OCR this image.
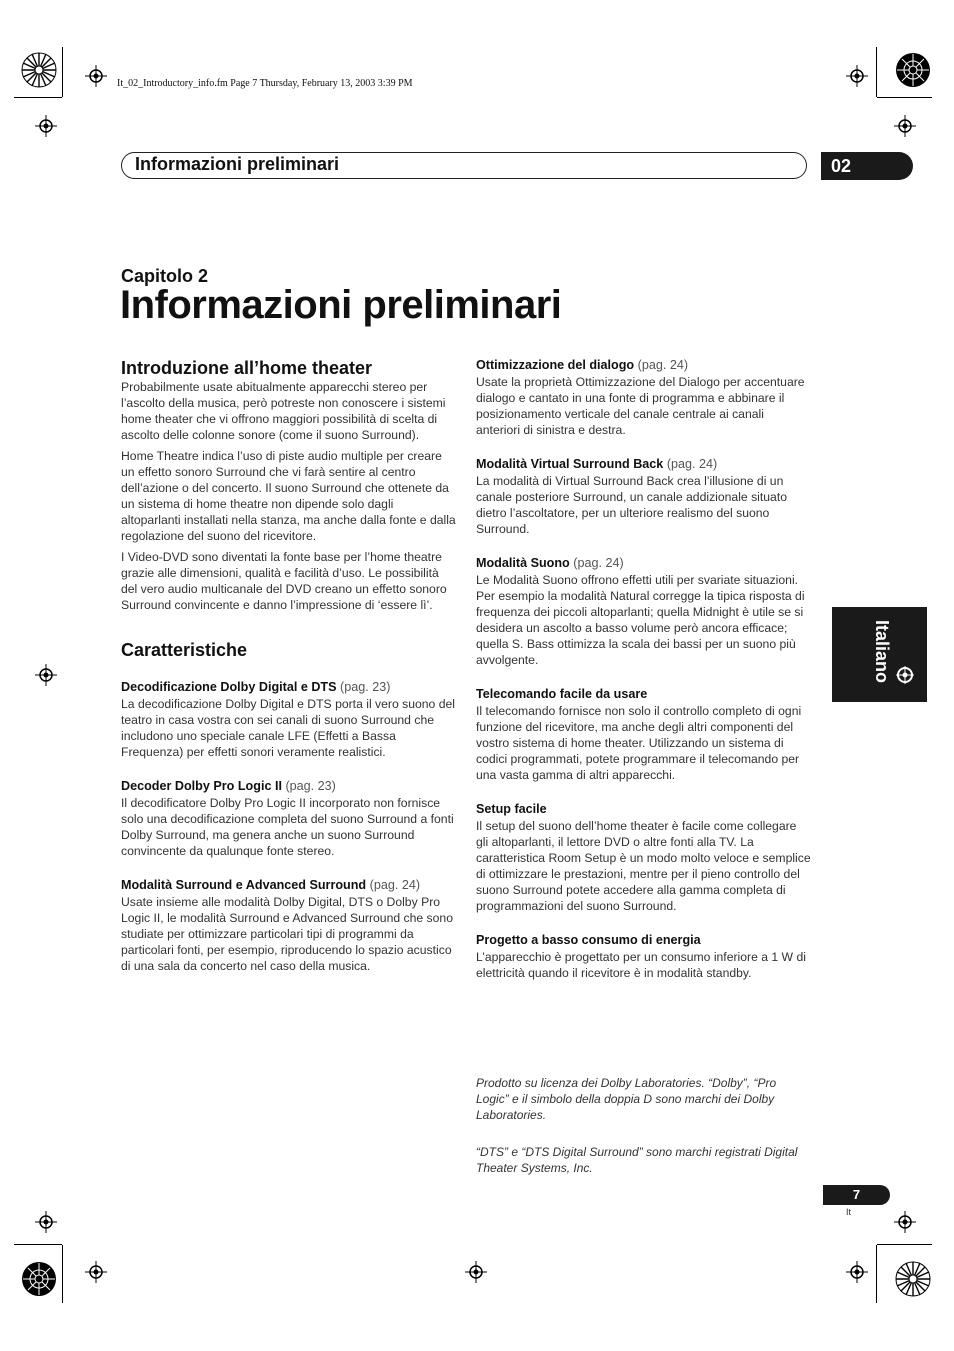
It_02_Introductory_info.fm Page 7 Thursday, February 13, 2003 3:39 PM
Informazioni preliminari	02
Capitolo 2
Informazioni preliminari
Introduzione all’home theater

Probabilmente usate abitualmente apparecchi stereo per l’ascolto della musica, però potreste non conoscere i sistemi home theater che vi offrono maggiori possibilità di scelta di ascolto delle colonne sonore (come il suono Surround).

Home Theatre indica l’uso di piste audio multiple per creare un effetto sonoro Surround che vi farà sentire al centro dell’azione o del concerto. Il suono Surround che ottenete da un sistema di home theatre non dipende solo dagli altoparlanti installati nella stanza, ma anche dalla fonte e dalla regolazione del suono del ricevitore.

I Video-DVD sono diventati la fonte base per l’home theatre grazie alle dimensioni, qualità e facilità d’uso. Le possibilità del vero audio multicanale del DVD creano un effetto sonoro Surround convincente e danno l’impressione di ‘essere lì’.

Caratteristiche
Decodificazione Dolby Digital e DTS (pag. 23)

La decodificazione Dolby Digital e DTS porta il vero suono del teatro in casa vostra con sei canali di suono Surround che includono uno speciale canale LFE (Effetti a Bassa Frequenza) per effetti sonori veramente realistici.

Decoder Dolby Pro Logic II (pag. 23)

Il decodificatore Dolby Pro Logic II incorporato non fornisce solo una decodificazione completa del suono Surround a fonti Dolby Surround, ma genera anche un suono Surround convincente da qualunque fonte stereo.

Modalità Surround e Advanced Surround (pag. 24)

Usate insieme alle modalità Dolby Digital, DTS o Dolby Pro Logic II, le modalità Surround e Advanced Surround che sono studiate per ottimizzare particolari tipi di programmi da particolari fonti, per esempio, riproducendo lo spazio acustico di una sala da concerto nel caso della musica.

Ottimizzazione del dialogo (pag. 24)

Usate la proprietà Ottimizzazione del Dialogo per accentuare dialogo e cantato in una fonte di programma e abbinare il posizionamento verticale del canale centrale ai canali anteriori di sinistra e destra.

Modalità Virtual Surround Back (pag. 24)

La modalità di Virtual Surround Back crea l’illusione di un canale posteriore Surround, un canale addizionale situato dietro l’ascoltatore, per un ulteriore realismo del suono Surround.

Modalità Suono (pag. 24)

Le Modalità Suono offrono effetti utili per svariate situazioni. Per esempio la modalità Natural corregge la tipica risposta di frequenza dei piccoli altoparlanti; quella Midnight è utile se si desidera un ascolto a basso volume però ancora efficace; quella S. Bass ottimizza la scala dei bassi per un suono più avvolgente.

Telecomando facile da usare

Il telecomando fornisce non solo il controllo completo di ogni funzione del ricevitore, ma anche degli altri componenti del vostro sistema di home theater. Utilizzando un sistema di codici programmati, potete programmare il telecomando per una vasta gamma di altri apparecchi.

Setup facile

Il setup del suono dell’home theater è facile come collegare gli altoparlanti, il lettore DVD o altre fonti alla TV. La caratteristica Room Setup è un modo molto veloce e semplice di ottimizzare le prestazioni, mentre per il pieno controllo del suono Surround potete accedere alla gamma completa di programmazioni del suono Surround.

Progetto a basso consumo di energia

L’apparecchio è progettato per un consumo inferiore a 1 W di elettricità quando il ricevitore è in modalità standby.

Prodotto su licenza dei Dolby Laboratories. “Dolby”, “Pro Logic” e il simbolo della doppia D sono marchi dei Dolby Laboratories.

“DTS” e “DTS Digital Surround” sono marchi registrati Digital Theater Systems, Inc.

Italiano
7
It
